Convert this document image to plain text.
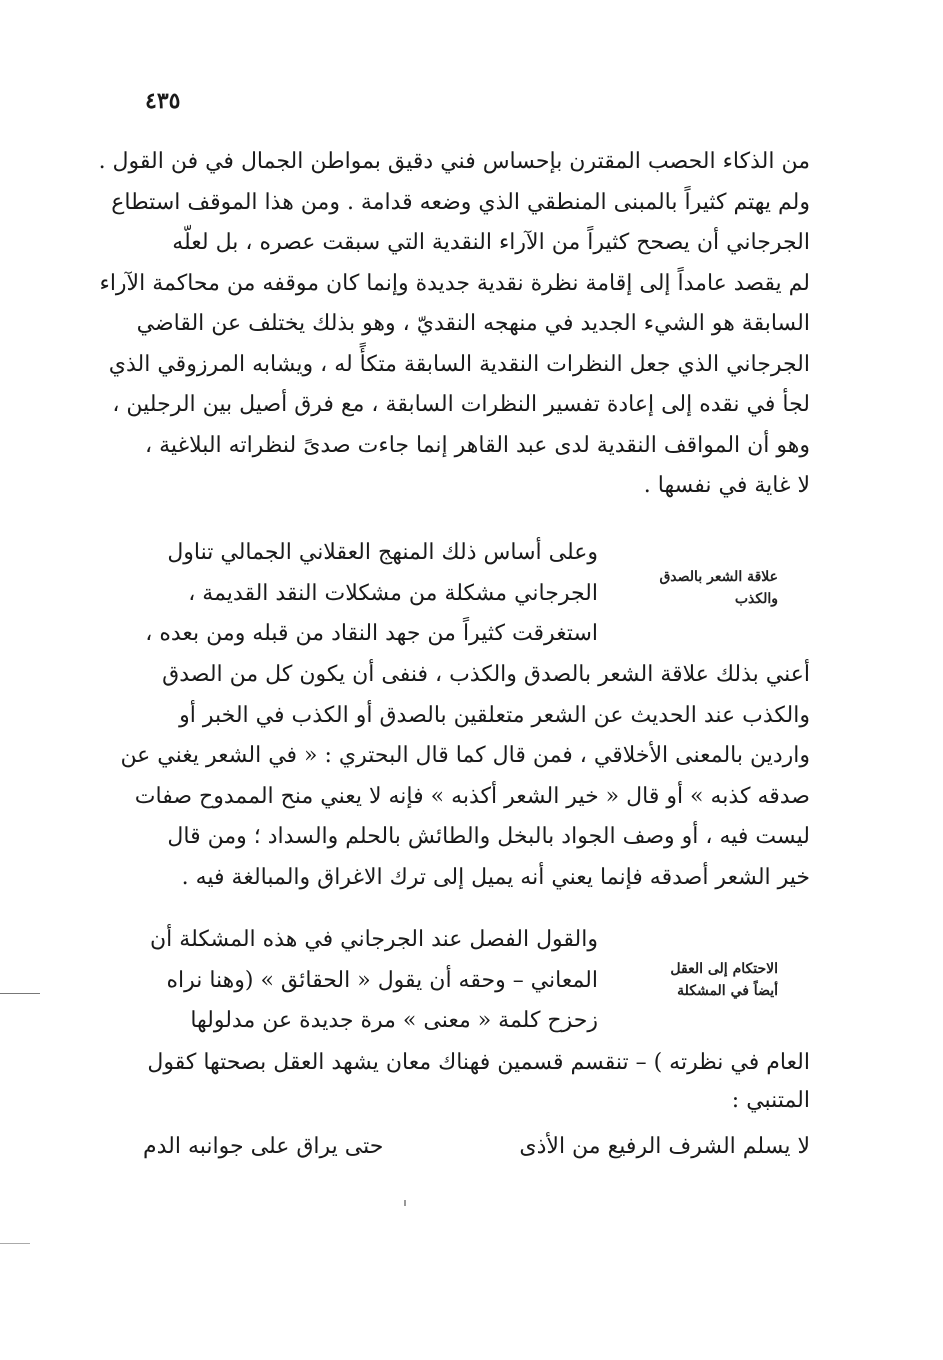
٤٣٥
من الذكاء الحصب المقترن بإحساس فني دقيق بمواطن الجمال في فن القول .
ولم يهتم كثيراً بالمبنى المنطقي الذي وضعه قدامة . ومن هذا الموقف استطاع
الجرجاني أن يصحح كثيراً من الآراء النقدية التي سبقت عصره ، بل لعلّه
لم يقصد عامداً إلى إقامة نظرة نقدية جديدة وإنما كان موقفه من محاكمة الآراء
السابقة هو الشيء الجديد في منهجه النقديّ ، وهو بذلك يختلف عن القاضي
الجرجاني الذي جعل النظرات النقدية السابقة متكأً له ، ويشابه المرزوقي الذي
لجأ في نقده إلى إعادة تفسير النظرات السابقة ، مع فرق أصيل بين الرجلين ،
وهو أن المواقف النقدية لدى عبد القاهر إنما جاءت صدىً لنظراته البلاغية ،
لا غاية في نفسها .
علاقة الشعر بالصدق
والكذب
وعلى أساس ذلك المنهج العقلاني الجمالي تناول
الجرجاني مشكلة من مشكلات النقد القديمة ،
استغرقت كثيراً من جهد النقاد من قبله ومن بعده ،
أعني بذلك علاقة الشعر بالصدق والكذب ، فنفى أن يكون كل من الصدق
والكذب عند الحديث عن الشعر متعلقين بالصدق أو الكذب في الخبر أو
واردين بالمعنى الأخلاقي ، فمن قال كما قال البحتري : « في الشعر يغني عن
صدقه كذبه » أو قال « خير الشعر أكذبه » فإنه لا يعني منح الممدوح صفات
ليست فيه ، أو وصف الجواد بالبخل والطائش بالحلم والسداد ؛ ومن قال
خير الشعر أصدقه فإنما يعني أنه يميل إلى ترك الاغراق والمبالغة فيه .
الاحتكام إلى العقل
أيضاً في المشكلة
والقول الفصل عند الجرجاني في هذه المشكلة أن
المعاني – وحقه أن يقول « الحقائق » (وهنا نراه
زحزح كلمة « معنى » مرة جديدة عن مدلولها
العام في نظرته ) – تنقسم قسمين فهناك معان يشهد العقل بصحتها كقول
المتنبي :
لا يسلم الشرف الرفيع من الأذى
حتى يراق على جوانبه الدم
